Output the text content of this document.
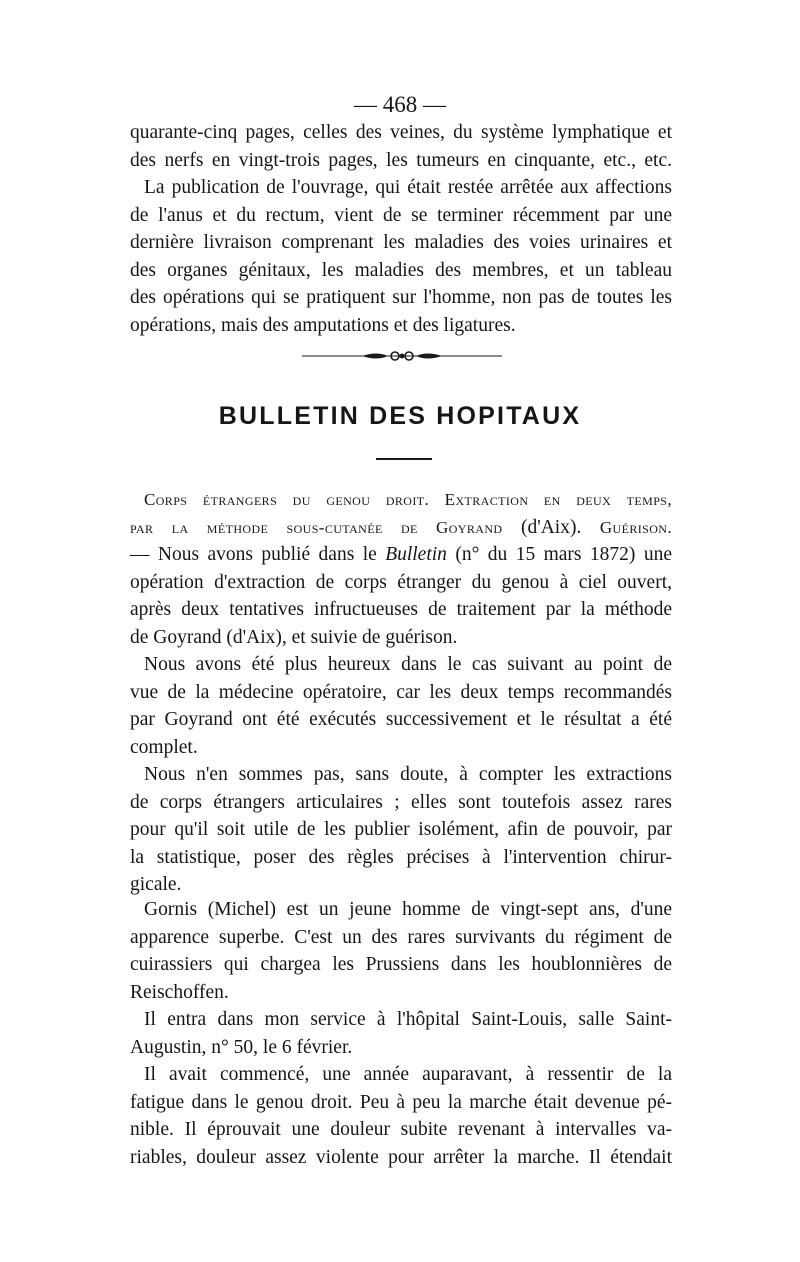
— 468 —
quarante-cinq pages, celles des veines, du système lymphatique et
des nerfs en vingt-trois pages, les tumeurs en cinquante, etc., etc.
La publication de l'ouvrage, qui était restée arrêtée aux affections
de l'anus et du rectum, vient de se terminer récemment par une
dernière livraison comprenant les maladies des voies urinaires et
des organes génitaux, les maladies des membres, et un tableau
des opérations qui se pratiquent sur l'homme, non pas de toutes les
opérations, mais des amputations et des ligatures.
BULLETIN DES HOPITAUX
Corps étrangers du genou droit. Extraction en deux temps,
par la méthode sous-cutanée de Goyrand (d'Aix). Guérison.
— Nous avons publié dans le Bulletin (n° du 15 mars 1872) une
opération d'extraction de corps étranger du genou à ciel ouvert,
après deux tentatives infructueuses de traitement par la méthode
de Goyrand (d'Aix), et suivie de guérison.
Nous avons été plus heureux dans le cas suivant au point de
vue de la médecine opératoire, car les deux temps recommandés
par Goyrand ont été exécutés successivement et le résultat a été
complet.
Nous n'en sommes pas, sans doute, à compter les extractions
de corps étrangers articulaires ; elles sont toutefois assez rares
pour qu'il soit utile de les publier isolément, afin de pouvoir, par
la statistique, poser des règles précises à l'intervention chirur-
gicale.
Gornis (Michel) est un jeune homme de vingt-sept ans, d'une
apparence superbe. C'est un des rares survivants du régiment de
cuirassiers qui chargea les Prussiens dans les houblonnières de
Reischoffen.
Il entra dans mon service à l'hôpital Saint-Louis, salle Saint-
Augustin, n° 50, le 6 février.
Il avait commencé, une année auparavant, à ressentir de la
fatigue dans le genou droit. Peu à peu la marche était devenue pé-
nible. Il éprouvait une douleur subite revenant à intervalles va-
riables, douleur assez violente pour arrêter la marche. Il étendait
